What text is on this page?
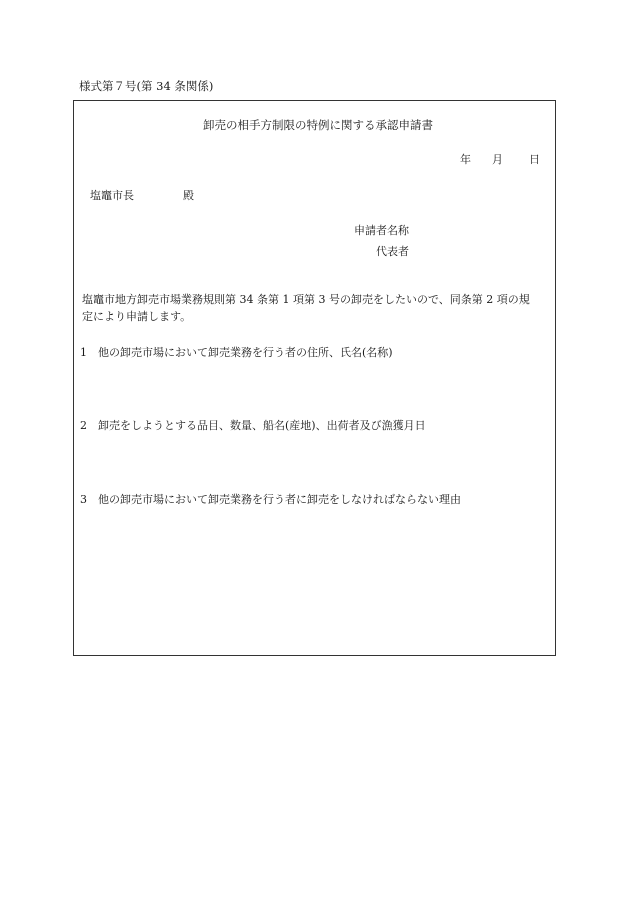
様式第７号(第 34 条関係)
卸売の相手方制限の特例に関する承認申請書
年 月 日
塩竈市長	殿
申請者名称
代表者
塩竈市地方卸売市場業務規則第 34 条第 1 項第 3 号の卸売をしたいので、同条第 2 項の規
定により申請します。
1　他の卸売市場において卸売業務を行う者の住所、氏名(名称)
2　卸売をしようとする品目、数量、船名(産地)、出荷者及び漁獲月日
3　他の卸売市場において卸売業務を行う者に卸売をしなければならない理由
